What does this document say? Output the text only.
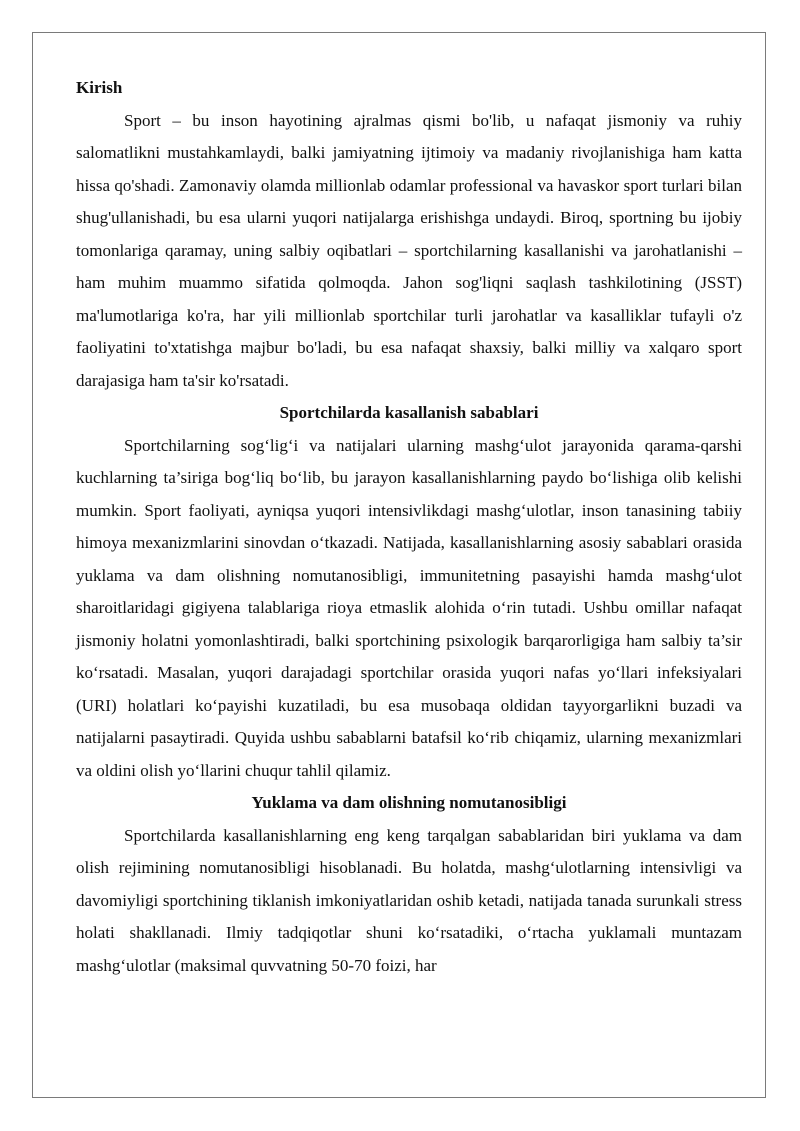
Kirish

Sport – bu inson hayotining ajralmas qismi bo'lib, u nafaqat jismoniy va ruhiy salomatlikni mustahkamlaydi, balki jamiyatning ijtimoiy va madaniy rivojlanishiga ham katta hissa qo'shadi. Zamonaviy olamda millionlab odamlar professional va havaskor sport turlari bilan shug'ullanishadi, bu esa ularni yuqori natijalarga erishishga undaydi. Biroq, sportning bu ijobiy tomonlariga qaramay, uning salbiy oqibatlari – sportchilarning kasallanishi va jarohatlanishi – ham muhim muammo sifatida qolmoqda. Jahon sog'liqni saqlash tashkilotining (JSST) ma'lumotlariga ko'ra, har yili millionlab sportchilar turli jarohatlar va kasalliklar tufayli o'z faoliyatini to'xtatishga majbur bo'ladi, bu esa nafaqat shaxsiy, balki milliy va xalqaro sport darajasiga ham ta'sir ko'rsatadi.

Sportchilarda kasallanish sabablari

Sportchilarning sog‘lig‘i va natijalari ularning mashg‘ulot jarayonida qarama-qarshi kuchlarning ta’siriga bog‘liq bo‘lib, bu jarayon kasallanishlarning paydo bo‘lishiga olib kelishi mumkin. Sport faoliyati, ayniqsa yuqori intensivlikdagi mashg‘ulotlar, inson tanasining tabiiy himoya mexanizmlarini sinovdan o‘tkazadi. Natijada, kasallanishlarning asosiy sabablari orasida yuklama va dam olishning nomutanosibligi, immunitetning pasayishi hamda mashg‘ulot sharoitlaridagi gigiyena talablariga rioya etmaslik alohida o‘rin tutadi. Ushbu omillar nafaqat jismoniy holatni yomonlashtiradi, balki sportchining psixologik barqarorligiga ham salbiy ta’sir ko‘rsatadi. Masalan, yuqori darajadagi sportchilar orasida yuqori nafas yo‘llari infeksiyalari (URI) holatlari ko‘payishi kuzatiladi, bu esa musobaqa oldidan tayyorgarlikni buzadi va natijalarni pasaytiradi. Quyida ushbu sabablarni batafsil ko‘rib chiqamiz, ularning mexanizmlari va oldini olish yo‘llarini chuqur tahlil qilamiz.

Yuklama va dam olishning nomutanosibligi

Sportchilarda kasallanishlarning eng keng tarqalgan sabablaridan biri yuklama va dam olish rejimining nomutanosibligi hisoblanadi. Bu holatda, mashg‘ulotlarning intensivligi va davomiyligi sportchining tiklanish imkoniyatlaridan oshib ketadi, natijada tanada surunkali stress holati shakllanadi. Ilmiy tadqiqotlar shuni ko‘rsatadiki, o‘rtacha yuklamali muntazam mashg‘ulotlar (maksimal quvvatning 50-70 foizi, har
